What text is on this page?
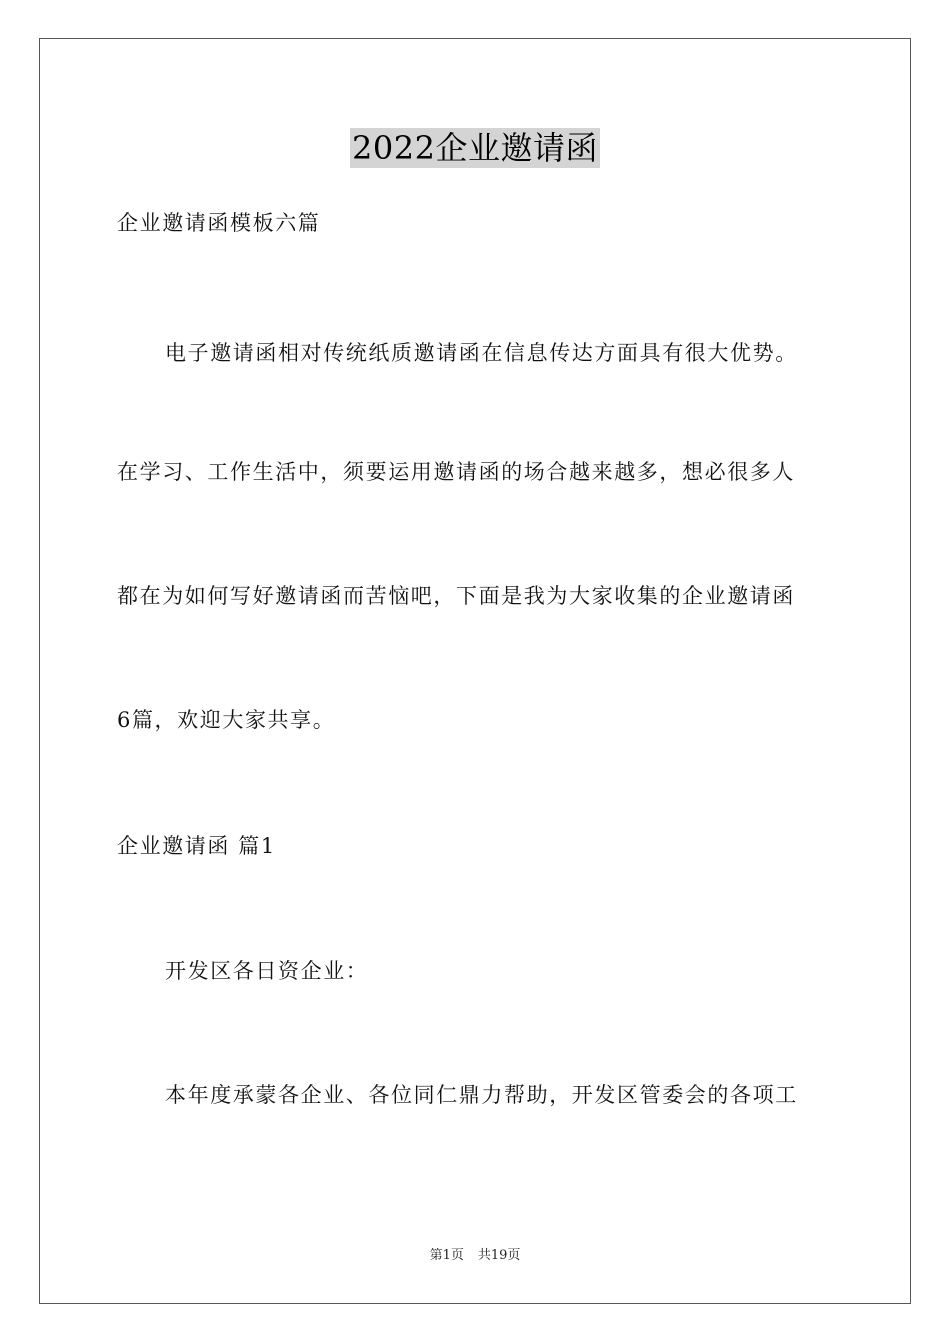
2022企业邀请函
企业邀请函模板六篇
电子邀请函相对传统纸质邀请函在信息传达方面具有很大优势。
在学习、工作生活中，须要运用邀请函的场合越来越多，想必很多人
都在为如何写好邀请函而苦恼吧，下面是我为大家收集的企业邀请函
6篇，欢迎大家共享。
企业邀请函 篇1
开发区各日资企业：
本年度承蒙各企业、各位同仁鼎力帮助，开发区管委会的各项工
第1页 共19页
